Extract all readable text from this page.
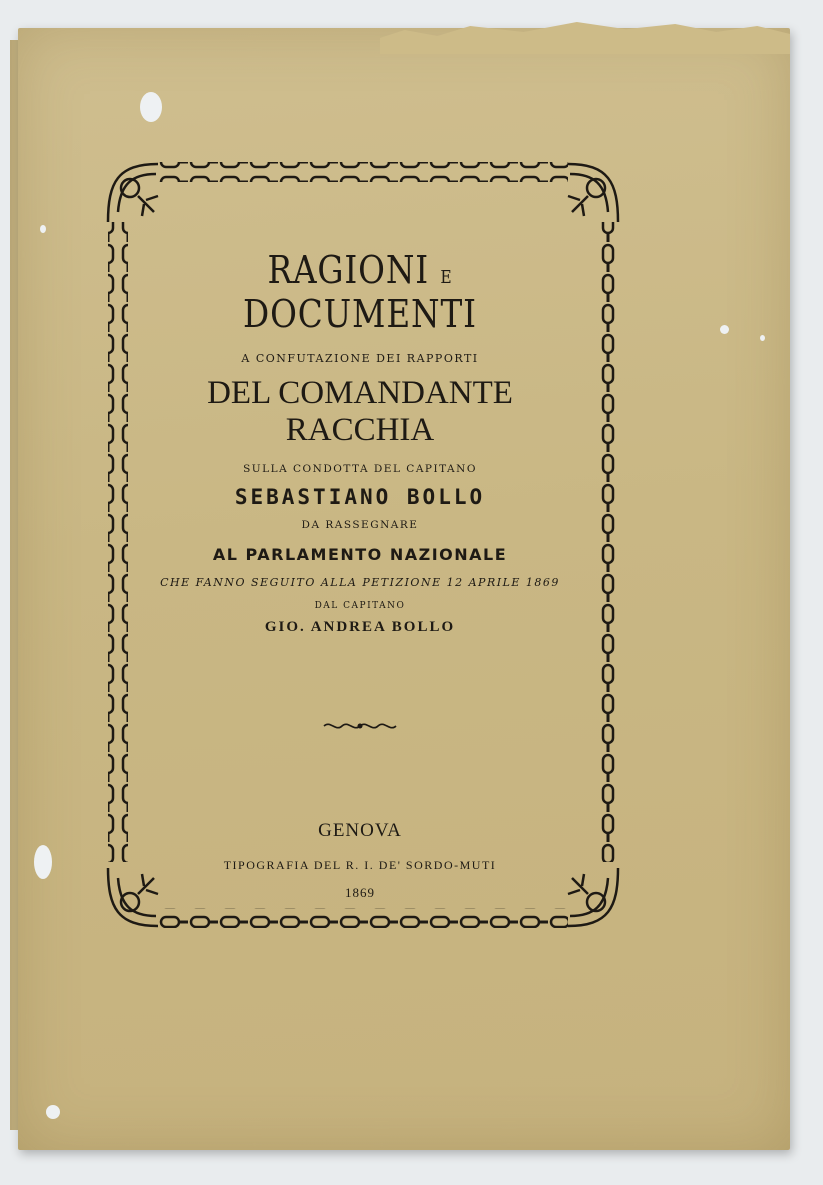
RAGIONI E DOCUMENTI
A CONFUTAZIONE DEI RAPPORTI
DEL COMANDANTE RACCHIA
SULLA CONDOTTA DEL CAPITANO
SEBASTIANO BOLLO
DA RASSEGNARE
AL PARLAMENTO NAZIONALE
CHE FANNO SEGUITO ALLA PETIZIONE 12 APRILE 1869
DAL CAPITANO
GIO. ANDREA BOLLO
GENOVA
TIPOGRAFIA DEL R. I. DE' SORDO-MUTI
1869
